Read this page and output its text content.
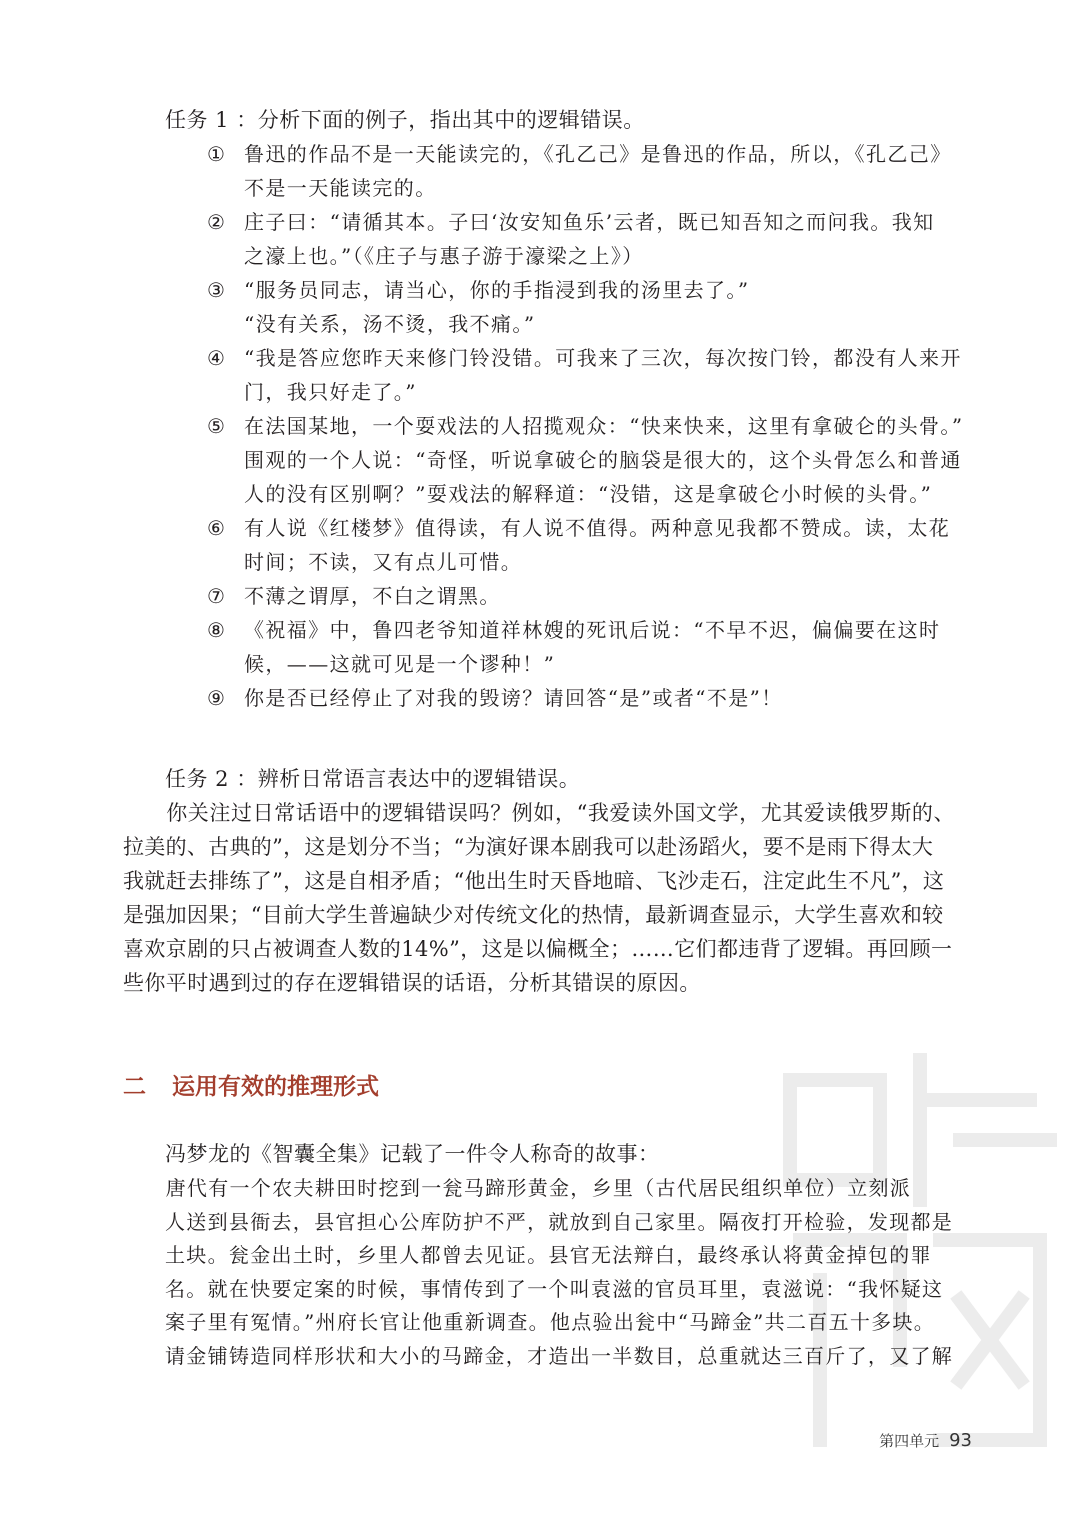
任务 1 ：分析下面的例子，指出其中的逻辑错误。
① 鲁迅的作品不是一天能读完的，《孔乙己》是鲁迅的作品，所以，《孔乙己》
不是一天能读完的。
② 庄子曰：“请循其本。子曰‘汝安知鱼乐’云者，既已知吾知之而问我。我知
之濠上也。”（《庄子与惠子游于濠梁之上》）
③ “服务员同志，请当心，你的手指浸到我的汤里去了。”
“没有关系，汤不烫，我不痛。”
④ “我是答应您昨天来修门铃没错。可我来了三次，每次按门铃，都没有人来开
门，我只好走了。”
⑤ 在法国某地，一个耍戏法的人招揽观众：“快来快来，这里有拿破仑的头骨。”
围观的一个人说：“奇怪，听说拿破仑的脑袋是很大的，这个头骨怎么和普通
人的没有区别啊？”耍戏法的解释道：“没错，这是拿破仑小时候的头骨。”
⑥ 有人说《红楼梦》值得读，有人说不值得。两种意见我都不赞成。读，太花
时间；不读，又有点儿可惜。
⑦ 不薄之谓厚，不白之谓黑。
⑧ 《祝福》中，鲁四老爷知道祥林嫂的死讯后说：“不早不迟，偏偏要在这时
候，——这就可见是一个谬种！”
⑨ 你是否已经停止了对我的毁谤？请回答“是”或者“不是”！
任务 2 ：辨析日常语言表达中的逻辑错误。
　　你关注过日常话语中的逻辑错误吗？例如，“我爱读外国文学，尤其爱读俄罗斯的、
拉美的、古典的”，这是划分不当；“为演好课本剧我可以赴汤蹈火，要不是雨下得太大
我就赶去排练了”，这是自相矛盾；“他出生时天昏地暗、飞沙走石，注定此生不凡”，这
是强加因果；“目前大学生普遍缺少对传统文化的热情，最新调查显示，大学生喜欢和较
喜欢京剧的只占被调查人数的14%”，这是以偏概全；……它们都违背了逻辑。再回顾一
些你平时遇到过的存在逻辑错误的话语，分析其错误的原因。
二 运用有效的推理形式
冯梦龙的《智囊全集》记载了一件令人称奇的故事：
　　唐代有一个农夫耕田时挖到一瓮马蹄形黄金，乡里（古代居民组织单位）立刻派
人送到县衙去，县官担心公库防护不严，就放到自己家里。隔夜打开检验，发现都是
土块。瓮金出土时，乡里人都曾去见证。县官无法辩白，最终承认将黄金掉包的罪
名。就在快要定案的时候，事情传到了一个叫袁滋的官员耳里，袁滋说：“我怀疑这
案子里有冤情。”州府长官让他重新调查。他点验出瓮中“马蹄金”共二百五十多块。
请金铺铸造同样形状和大小的马蹄金，才造出一半数目，总重就达三百斤了，又了解
第四单元 93
